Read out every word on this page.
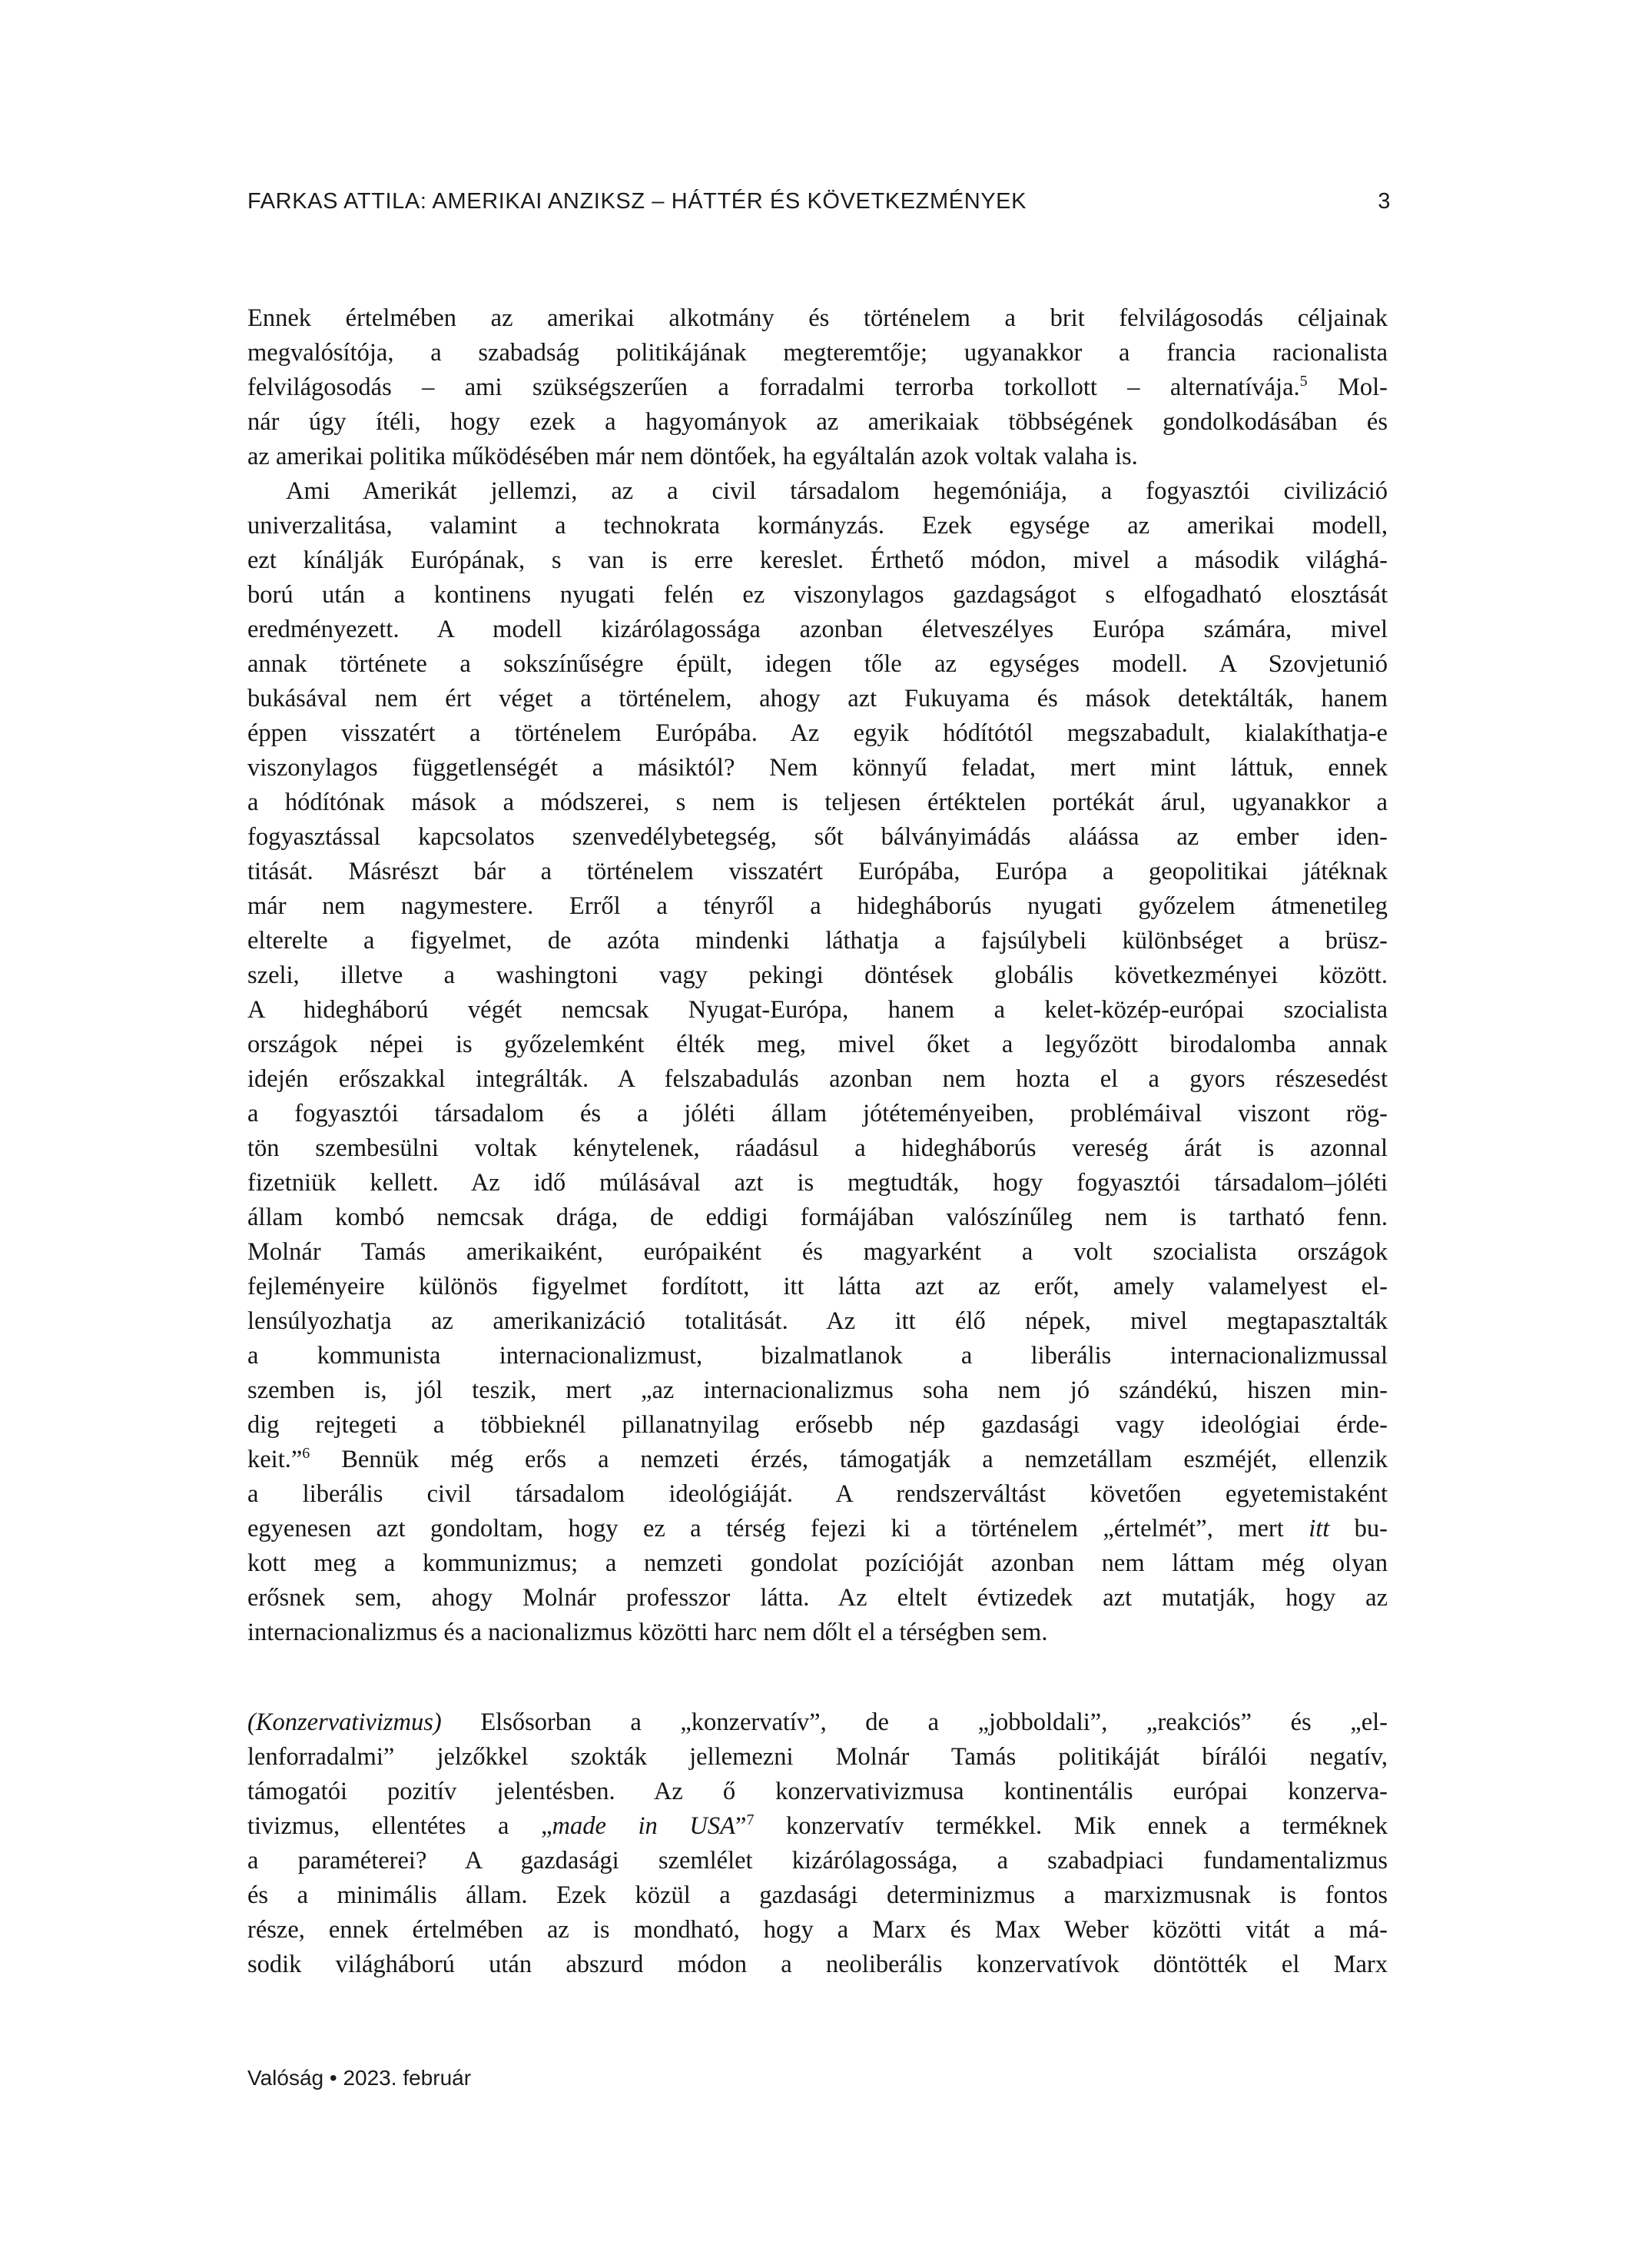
FARKAS ATTILA: AMERIKAI ANZIKSZ – HÁTTÉR ÉS KÖVETKEZMÉNYEK	3
Ennek értelmében az amerikai alkotmány és történelem a brit felvilágosodás céljainak
megvalósítója, a szabadság politikájának megteremtője; ugyanakkor a francia racionalista
felvilágosodás – ami szükségszerűen a forradalmi terrorba torkollott – alternatívája.$^5$ Mol-
nár úgy ítéli, hogy ezek a hagyományok az amerikaiak többségének gondolkodásában és
az amerikai politika működésében már nem döntőek, ha egyáltalán azok voltak valaha is.
Ami Amerikát jellemzi, az a civil társadalom hegemóniája, a fogyasztói civilizáció
univerzalitása, valamint a technokrata kormányzás. Ezek egysége az amerikai modell,
ezt kínálják Európának, s van is erre kereslet. Érthető módon, mivel a második világhá-
ború után a kontinens nyugati felén ez viszonylagos gazdagságot s elfogadható elosztását
eredményezett. A modell kizárólagossága azonban életveszélyes Európa számára, mivel
annak története a sokszínűségre épült, idegen tőle az egységes modell. A Szovjetunió
bukásával nem ért véget a történelem, ahogy azt Fukuyama és mások detektálták, hanem
éppen visszatért a történelem Európába. Az egyik hódítótól megszabadult, kialakíthatja-e
viszonylagos függetlenségét a másiktól? Nem könnyű feladat, mert mint láttuk, ennek
a hódítónak mások a módszerei, s nem is teljesen értéktelen portékát árul, ugyanakkor a
fogyasztással kapcsolatos szenvedélybetegség, sőt bálványimádás aláássa az ember iden-
titását. Másrészt bár a történelem visszatért Európába, Európa a geopolitikai játéknak
már nem nagymestere. Erről a tényről a hidegháborús nyugati győzelem átmenetileg
elterelte a figyelmet, de azóta mindenki láthatja a fajsúlybeli különbséget a brüsz-
szeli, illetve a washingtoni vagy pekingi döntések globális következményei között.
A hidegháború végét nemcsak Nyugat-Európa, hanem a kelet-közép-európai szocialista
országok népei is győzelemként élték meg, mivel őket a legyőzött birodalomba annak
idején erőszakkal integrálták. A felszabadulás azonban nem hozta el a gyors részesedést
a fogyasztói társadalom és a jóléti állam jótéteményeiben, problémáival viszont rög-
tön szembesülni voltak kénytelenek, ráadásul a hidegháborús vereség árát is azonnal
fizetniük kellett. Az idő múlásával azt is megtudták, hogy fogyasztói társadalom–jóléti
állam kombó nemcsak drága, de eddigi formájában valószínűleg nem is tartható fenn.
Molnár Tamás amerikaiként, európaiként és magyarként a volt szocialista országok
fejleményeire különös figyelmet fordított, itt látta azt az erőt, amely valamelyest el-
lensúlyozhatja az amerikanizáció totalitását. Az itt élő népek, mivel megtapasztalták
a kommunista internacionalizmust, bizalmatlanok a liberális internacionalizmussal
szemben is, jól teszik, mert „az internacionalizmus soha nem jó szándékú, hiszen min-
dig rejtegeti a többieknél pillanatnyilag erősebb nép gazdasági vagy ideológiai érde-
keit.”$^6$ Bennük még erős a nemzeti érzés, támogatják a nemzetállam eszméjét, ellenzik
a liberális civil társadalom ideológiáját. A rendszerváltást követően egyetemistaként
egyenesen azt gondoltam, hogy ez a térség fejezi ki a történelem „értelmét”, mert itt bu-
kott meg a kommunizmus; a nemzeti gondolat pozícióját azonban nem láttam még olyan
erősnek sem, ahogy Molnár professzor látta. Az eltelt évtizedek azt mutatják, hogy az
internacionalizmus és a nacionalizmus közötti harc nem dőlt el a térségben sem.
(Konzervativizmus) Elsősorban a „konzervatív”, de a „jobboldali”, „reakciós” és „el-
lenforradalmi” jelzőkkel szokták jellemezni Molnár Tamás politikáját bírálói negatív,
támogatói pozitív jelentésben. Az ő konzervativizmusa kontinentális európai konzerva-
tivizmus, ellentétes a „made in USA”$^7$ konzervatív termékkel. Mik ennek a terméknek
a paraméterei? A gazdasági szemlélet kizárólagossága, a szabadpiaci fundamentalizmus
és a minimális állam. Ezek közül a gazdasági determinizmus a marxizmusnak is fontos
része, ennek értelmében az is mondható, hogy a Marx és Max Weber közötti vitát a má-
sodik világháború után abszurd módon a neoliberális konzervatívok döntötték el Marx
Valóság • 2023. február
